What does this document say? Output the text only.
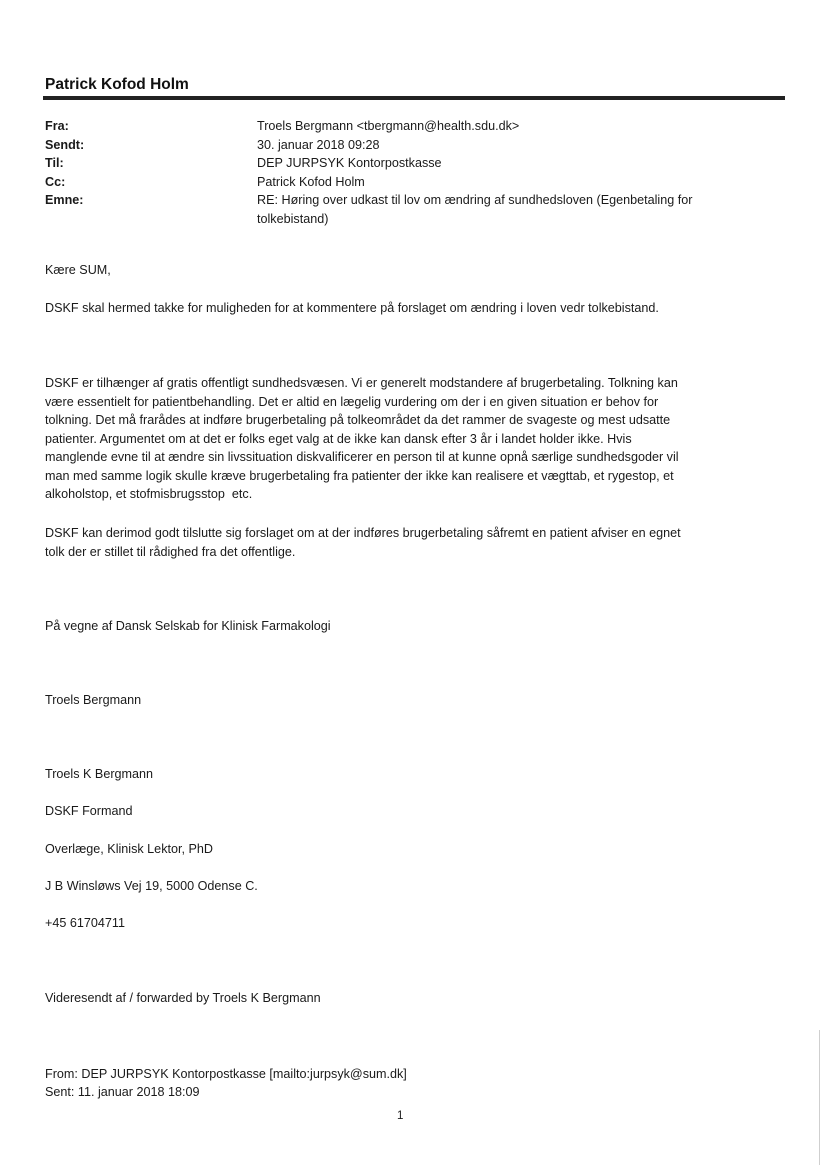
Patrick Kofod Holm
Fra:	Troels Bergmann <tbergmann@health.sdu.dk>
Sendt:	30. januar 2018 09:28
Til:	DEP JURPSYK Kontorpostkasse
Cc:	Patrick Kofod Holm
Emne:	RE: Høring over udkast til lov om ændring af sundhedsloven (Egenbetaling for
tolkebistand)

Kære SUM,

DSKF skal hermed takke for muligheden for at kommentere på forslaget om ændring i loven vedr tolkebistand.

DSKF er tilhænger af gratis offentligt sundhedsvæsen. Vi er generelt modstandere af brugerbetaling. Tolkning kan
være essentielt for patientbehandling. Det er altid en lægelig vurdering om der i en given situation er behov for
tolkning. Det må frarådes at indføre brugerbetaling på tolkeområdet da det rammer de svageste og mest udsatte
patienter. Argumentet om at det er folks eget valg at de ikke kan dansk efter 3 år i landet holder ikke. Hvis
manglende evne til at ændre sin livssituation diskvalificerer en person til at kunne opnå særlige sundhedsgoder vil
man med samme logik skulle kræve brugerbetaling fra patienter der ikke kan realisere et vægttab, et rygestop, et
alkoholstop, et stofmisbrugsstop  etc.

DSKF kan derimod godt tilslutte sig forslaget om at der indføres brugerbetaling såfremt en patient afviser en egnet
tolk der er stillet til rådighed fra det offentlige.

På vegne af Dansk Selskab for Klinisk Farmakologi

Troels Bergmann

Troels K Bergmann

DSKF Formand

Overlæge, Klinisk Lektor, PhD

J B Winsløws Vej 19, 5000 Odense C.

+45 61704711

Videresendt af / forwarded by Troels K Bergmann

From: DEP JURPSYK Kontorpostkasse [mailto:jurpsyk@sum.dk]

Sent: 11. januar 2018 18:09

1
